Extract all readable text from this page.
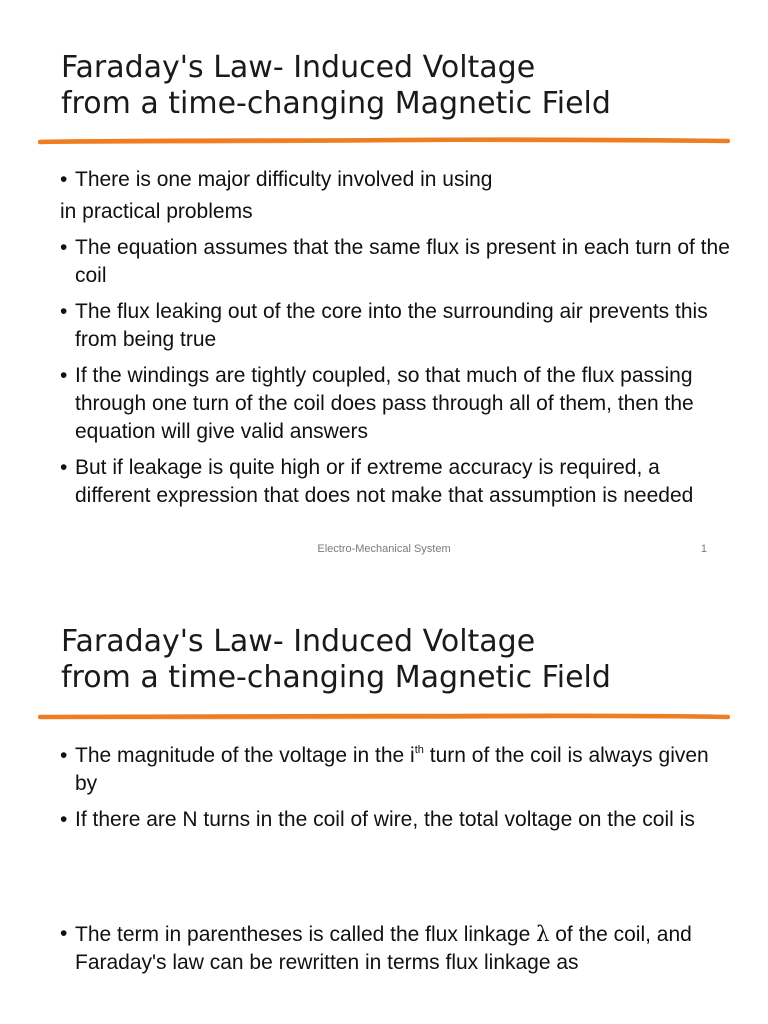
Faraday's Law- Induced Voltage
from a time-changing Magnetic Field
• There is one major difficulty involved in using
in practical problems
• The equation assumes that the same flux is present in each turn of the coil
• The flux leaking out of the core into the surrounding air prevents this from being true
• If the windings are tightly coupled, so that much of the flux passing through one turn of the coil does pass through all of them, then the equation will give valid answers
• But if leakage is quite high or if extreme accuracy is required, a different expression that does not make that assumption is needed
Electro-Mechanical System	1
Faraday's Law- Induced Voltage
from a time-changing Magnetic Field
• The magnitude of the voltage in the $i^{th}$ turn of the coil is always given by
• If there are N turns in the coil of wire, the total voltage on the coil is
• The term in parentheses is called the flux linkage λ of the coil, and Faraday's law can be rewritten in terms flux linkage as
